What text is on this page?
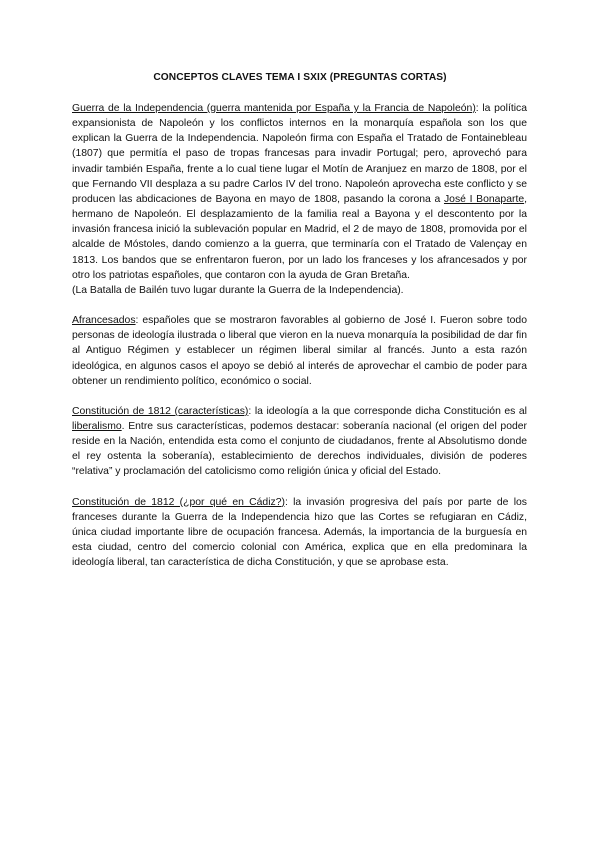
CONCEPTOS CLAVES TEMA I SXIX (PREGUNTAS CORTAS)

Guerra de la Independencia (guerra mantenida por España y la Francia de Napoleón): la política expansionista de Napoleón y los conflictos internos en la monarquía española son los que explican la Guerra de la Independencia. Napoleón firma con España el Tratado de Fontainebleau (1807) que permitía el paso de tropas francesas para invadir Portugal; pero, aprovechó para invadir también España, frente a lo cual tiene lugar el Motín de Aranjuez en marzo de 1808, por el que Fernando VII desplaza a su padre Carlos IV del trono. Napoleón aprovecha este conflicto y se producen las abdicaciones de Bayona en mayo de 1808, pasando la corona a José I Bonaparte, hermano de Napoleón. El desplazamiento de la familia real a Bayona y el descontento por la invasión francesa inició la sublevación popular en Madrid, el 2 de mayo de 1808, promovida por el alcalde de Móstoles, dando comienzo a la guerra, que terminaría con el Tratado de Valençay en 1813. Los bandos que se enfrentaron fueron, por un lado los franceses y los afrancesados y por otro los patriotas españoles, que contaron con la ayuda de Gran Bretaña.

(La Batalla de Bailén tuvo lugar durante la Guerra de la Independencia).

Afrancesados: españoles que se mostraron favorables al gobierno de José I. Fueron sobre todo personas de ideología ilustrada o liberal que vieron en la nueva monarquía la posibilidad de dar fin al Antiguo Régimen y establecer un régimen liberal similar al francés. Junto a esta razón ideológica, en algunos casos el apoyo se debió al interés de aprovechar el cambio de poder para obtener un rendimiento político, económico o social.

Constitución de 1812 (características): la ideología a la que corresponde dicha Constitución es al liberalismo. Entre sus características, podemos destacar: soberanía nacional (el origen del poder reside en la Nación, entendida esta como el conjunto de ciudadanos, frente al Absolutismo donde el rey ostenta la soberanía), establecimiento de derechos individuales, división de poderes “relativa” y proclamación del catolicismo como religión única y oficial del Estado.

Constitución de 1812 (¿por qué en Cádiz?): la invasión progresiva del país por parte de los franceses durante la Guerra de la Independencia hizo que las Cortes se refugiaran en Cádiz, única ciudad importante libre de ocupación francesa. Además, la importancia de la burguesía en esta ciudad, centro del comercio colonial con América, explica que en ella predominara la ideología liberal, tan característica de dicha Constitución, y que se aprobase esta.
